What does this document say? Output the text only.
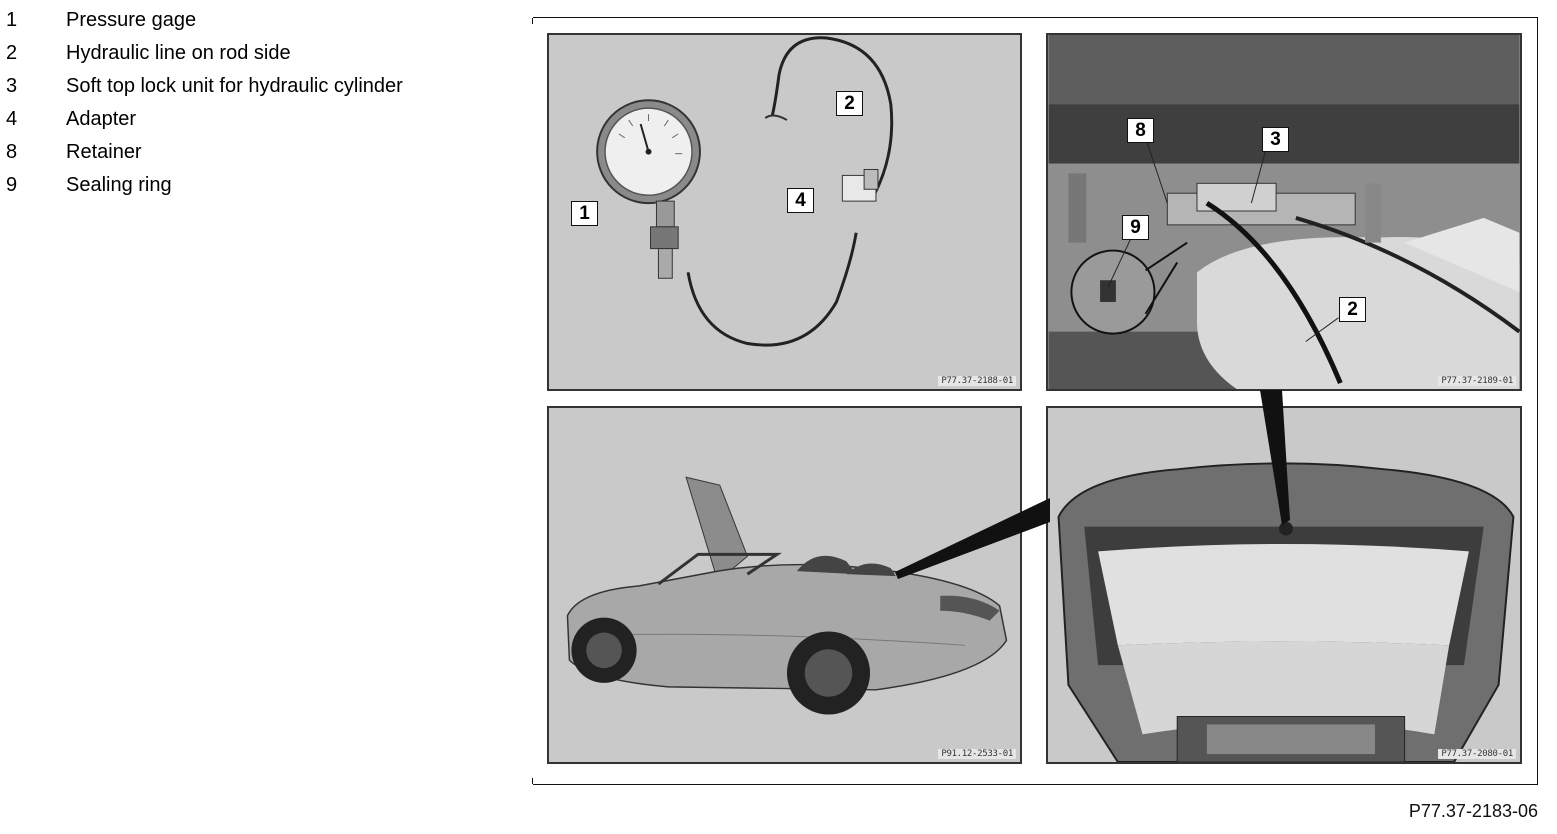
1 Pressure gage
2 Hydraulic line on rod side
3 Soft top lock unit for hydraulic cylinder
4 Adapter
8 Retainer
9 Sealing ring
P77.37-2188-01	P77.37-2189-01
P91.12-2533-01	P77.37-2080-01
1
2
4
8	3
9
2
P77.37-2183-06
